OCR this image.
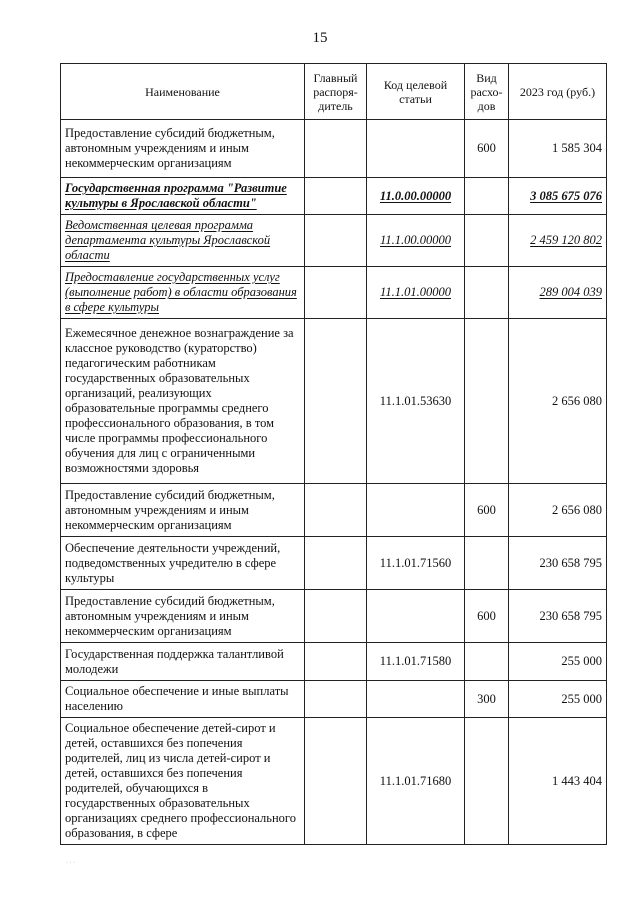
15
Наименование	Главный распоря-дитель	Код целевой статьи	Вид расхо-дов	2023 год (руб.)
Предоставление субсидий бюджетным, автономным учреждениям и иным некоммерческим организациям			600	1 585 304
Государственная программа "Развитие культуры в Ярославской области"		11.0.00.00000		3 085 675 076
Ведомственная целевая программа департамента культуры Ярославской области		11.1.00.00000		2 459 120 802
Предоставление государственных услуг (выполнение работ) в области образования в сфере культуры		11.1.01.00000		289 004 039
Ежемесячное денежное вознаграждение за классное руководство (кураторство) педагогическим работникам государственных образовательных организаций, реализующих образовательные программы среднего профессионального образования, в том числе программы профессионального обучения для лиц с ограниченными возможностями здоровья		11.1.01.53630		2 656 080
Предоставление субсидий бюджетным, автономным учреждениям и иным некоммерческим организациям			600	2 656 080
Обеспечение деятельности учреждений, подведомственных учредителю в сфере культуры		11.1.01.71560		230 658 795
Предоставление субсидий бюджетным, автономным учреждениям и иным некоммерческим организациям			600	230 658 795
Государственная поддержка талантливой молодежи		11.1.01.71580		255 000
Социальное обеспечение и иные выплаты населению			300	255 000
Социальное обеспечение детей-сирот и детей, оставшихся без попечения родителей, лиц из числа детей-сирот и детей, оставшихся без попечения родителей, обучающихся в государственных образовательных организациях среднего профессионального образования, в сфере		11.1.01.71680		1 443 404
· · ·
